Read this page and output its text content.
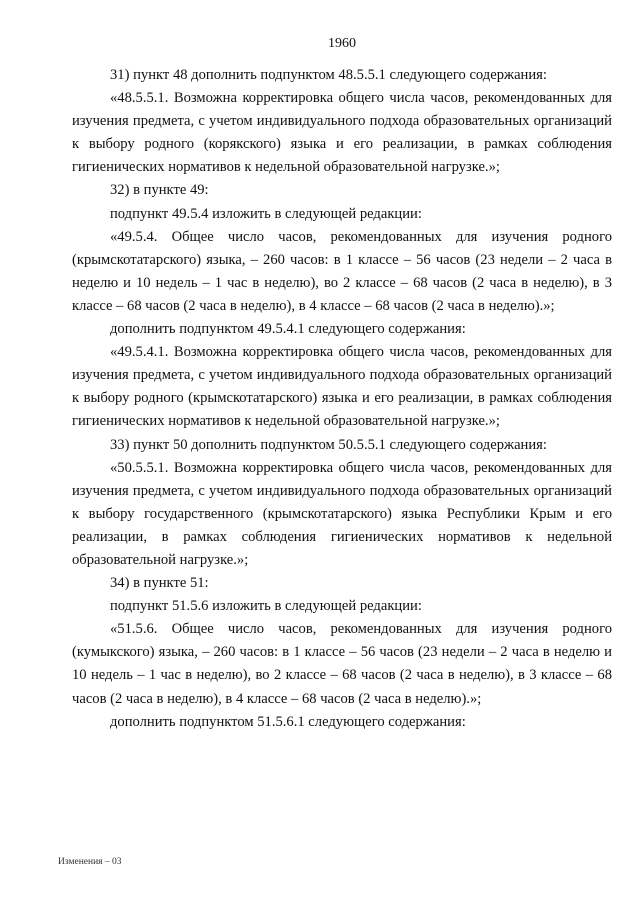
1960

31) пункт 48 дополнить подпунктом 48.5.5.1 следующего содержания:

«48.5.5.1. Возможна корректировка общего числа часов, рекомендованных для изучения предмета, с учетом индивидуального подхода образовательных организаций к выбору родного (корякского) языка и его реализации, в рамках соблюдения гигиенических нормативов к недельной образовательной нагрузке.»;

32) в пункте 49:

подпункт 49.5.4 изложить в следующей редакции:

«49.5.4. Общее число часов, рекомендованных для изучения родного (крымскотатарского) языка, – 260 часов: в 1 классе – 56 часов (23 недели – 2 часа в неделю и 10 недель – 1 час в неделю), во 2 классе – 68 часов (2 часа в неделю), в 3 классе – 68 часов (2 часа в неделю), в 4 классе – 68 часов (2 часа в неделю).»;

дополнить подпунктом 49.5.4.1 следующего содержания:

«49.5.4.1. Возможна корректировка общего числа часов, рекомендованных для изучения предмета, с учетом индивидуального подхода образовательных организаций к выбору родного (крымскотатарского) языка и его реализации, в рамках соблюдения гигиенических нормативов к недельной образовательной нагрузке.»;

33) пункт 50 дополнить подпунктом 50.5.5.1 следующего содержания:

«50.5.5.1. Возможна корректировка общего числа часов, рекомендованных для изучения предмета, с учетом индивидуального подхода образовательных организаций к выбору государственного (крымскотатарского) языка Республики Крым и его реализации, в рамках соблюдения гигиенических нормативов к недельной образовательной нагрузке.»;

34) в пункте 51:

подпункт 51.5.6 изложить в следующей редакции:

«51.5.6. Общее число часов, рекомендованных для изучения родного (кумыкского) языка, – 260 часов: в 1 классе – 56 часов (23 недели – 2 часа в неделю и 10 недель – 1 час в неделю), во 2 классе – 68 часов (2 часа в неделю), в 3 классе – 68 часов (2 часа в неделю), в 4 классе – 68 часов (2 часа в неделю).»;

дополнить подпунктом 51.5.6.1 следующего содержания:

Изменения – 03
